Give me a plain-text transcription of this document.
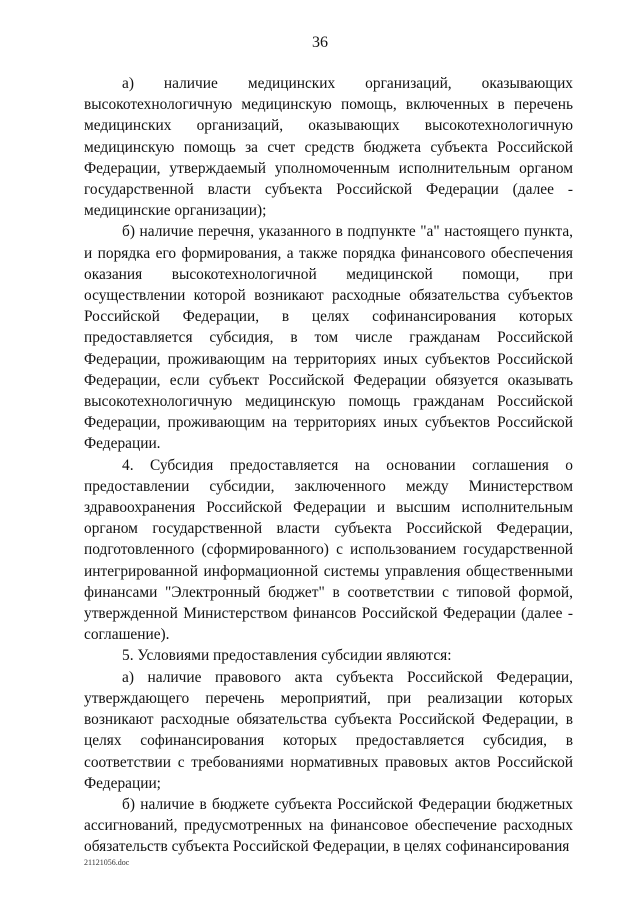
36

а) наличие медицинских организаций, оказывающих высокотехнологичную медицинскую помощь, включенных в перечень медицинских организаций, оказывающих высокотехнологичную медицинскую помощь за счет средств бюджета субъекта Российской Федерации, утверждаемый уполномоченным исполнительным органом государственной власти субъекта Российской Федерации (далее - медицинские организации);

б) наличие перечня, указанного в подпункте "а" настоящего пункта, и порядка его формирования, а также порядка финансового обеспечения оказания высокотехнологичной медицинской помощи, при осуществлении которой возникают расходные обязательства субъектов Российской Федерации, в целях софинансирования которых предоставляется субсидия, в том числе гражданам Российской Федерации, проживающим на территориях иных субъектов Российской Федерации, если субъект Российской Федерации обязуется оказывать высокотехнологичную медицинскую помощь гражданам Российской Федерации, проживающим на территориях иных субъектов Российской Федерации.

4. Субсидия предоставляется на основании соглашения о предоставлении субсидии, заключенного между Министерством здравоохранения Российской Федерации и высшим исполнительным органом государственной власти субъекта Российской Федерации, подготовленного (сформированного) с использованием государственной интегрированной информационной системы управления общественными финансами "Электронный бюджет" в соответствии с типовой формой, утвержденной Министерством финансов Российской Федерации (далее - соглашение).

5. Условиями предоставления субсидии являются:

а) наличие правового акта субъекта Российской Федерации, утверждающего перечень мероприятий, при реализации которых возникают расходные обязательства субъекта Российской Федерации, в целях софинансирования которых предоставляется субсидия, в соответствии с требованиями нормативных правовых актов Российской Федерации;

б) наличие в бюджете субъекта Российской Федерации бюджетных ассигнований, предусмотренных на финансовое обеспечение расходных обязательств субъекта Российской Федерации, в целях софинансирования

21121056.doc
